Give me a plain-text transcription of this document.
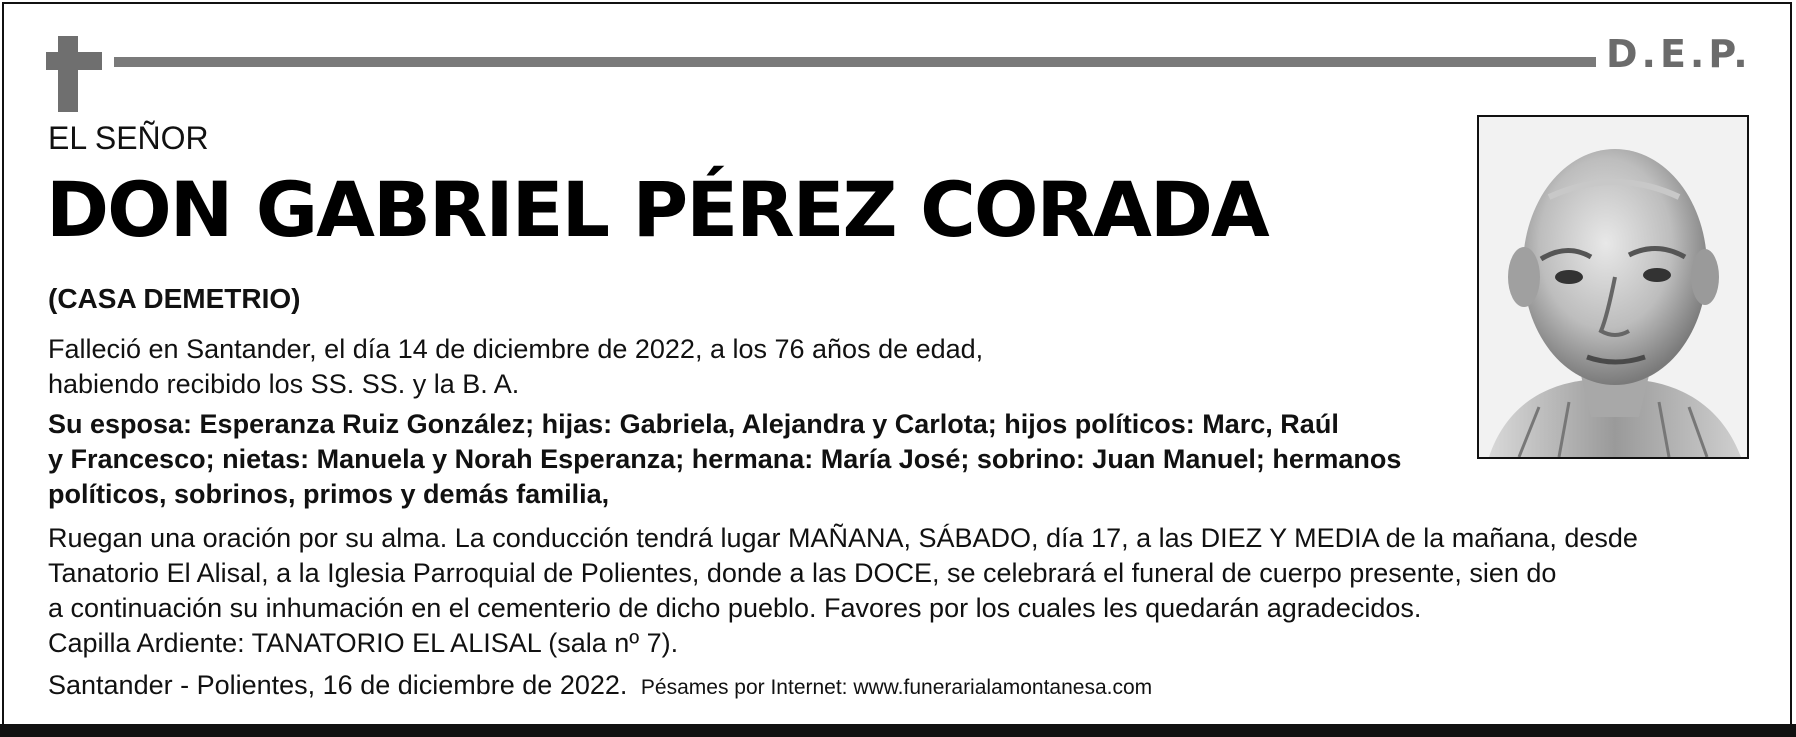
D.E.P.
EL SEÑOR
DON GABRIEL PÉREZ CORADA
(CASA DEMETRIO)
Falleció en Santander, el día 14 de diciembre de 2022, a los 76 años de edad,
habiendo recibido los SS. SS. y la B. A.
Su esposa: Esperanza Ruiz González; hijas: Gabriela, Alejandra y Carlota; hijos políticos: Marc, Raúl
y Francesco; nietas: Manuela y Norah Esperanza; hermana: María José; sobrino: Juan Manuel; hermanos
políticos, sobrinos, primos y demás familia,
Ruegan una oración por su alma. La conducción tendrá lugar MAÑANA, SÁBADO, día 17, a las DIEZ Y MEDIA de la mañana, desde
Tanatorio El Alisal, a la Iglesia Parroquial de Polientes, donde a las DOCE, se celebrará el funeral de cuerpo presente, sien do
a continuación su inhumación en el cementerio de dicho pueblo. Favores por los cuales les quedarán agradecidos.
Capilla Ardiente: TANATORIO EL ALISAL (sala nº 7).
Santander - Polientes, 16 de diciembre de 2022. Pésames por Internet: www.funerarialamontanesa.com
